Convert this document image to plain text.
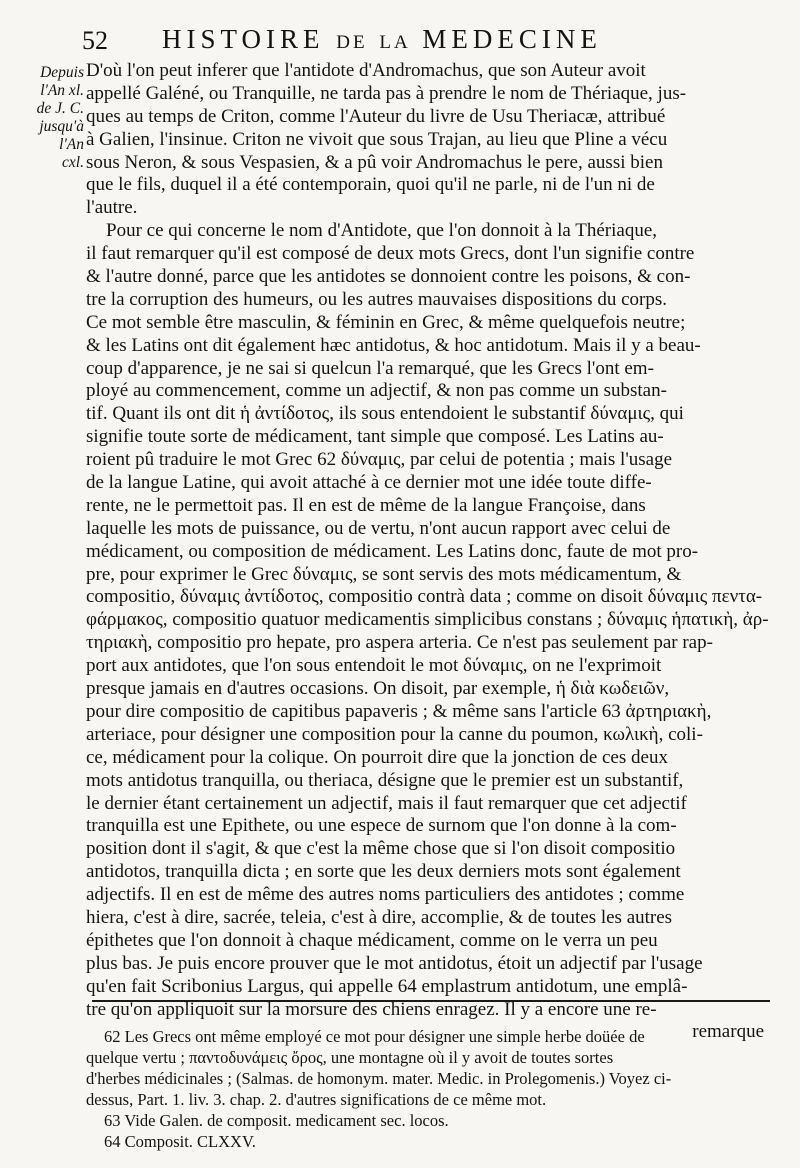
52 HISTOIRE DE LA MEDECINE
Depuis
l'An xl.
de J. C.
jusqu'à
l'An
cxl.
D'où l'on peut inferer que l'antidote d'Andromachus, que son Auteur avoit
appellé Galéné, ou Tranquille, ne tarda pas à prendre le nom de Thériaque, jus-
ques au temps de Criton, comme l'Auteur du livre de Usu Theriacæ, attribué
à Galien, l'insinue. Criton ne vivoit que sous Trajan, au lieu que Pline a vécu
sous Neron, & sous Vespasien, & a pû voir Andromachus le pere, aussi bien
que le fils, duquel il a été contemporain, quoi qu'il ne parle, ni de l'un ni de
l'autre.
Pour ce qui concerne le nom d'Antidote, que l'on donnoit à la Thériaque,
il faut remarquer qu'il est composé de deux mots Grecs, dont l'un signifie contre
& l'autre donné, parce que les antidotes se donnoient contre les poisons, & con-
tre la corruption des humeurs, ou les autres mauvaises dispositions du corps.
Ce mot semble être masculin, & féminin en Grec, & même quelquefois neutre;
& les Latins ont dit également hæc antidotus, & hoc antidotum. Mais il y a beau-
coup d'apparence, je ne sai si quelcun l'a remarqué, que les Grecs l'ont em-
ployé au commencement, comme un adjectif, & non pas comme un substan-
tif. Quant ils ont dit ἡ ἀντίδοτος, ils sous entendoient le substantif δύναμις, qui
signifie toute sorte de médicament, tant simple que composé. Les Latins au-
roient pû traduire le mot Grec 62 δύναμις, par celui de potentia ; mais l'usage
de la langue Latine, qui avoit attaché à ce dernier mot une idée toute diffe-
rente, ne le permettoit pas. Il en est de même de la langue Françoise, dans
laquelle les mots de puissance, ou de vertu, n'ont aucun rapport avec celui de
médicament, ou composition de médicament. Les Latins donc, faute de mot pro-
pre, pour exprimer le Grec δύναμις, se sont servis des mots médicamentum, &
compositio, δύναμις ἀντίδοτος, compositio contrà data ; comme on disoit δύναμις πεντα-
φάρμακος, compositio quatuor medicamentis simplicibus constans ; δύναμις ἡπατικὴ, ἀρ-
τηριακὴ, compositio pro hepate, pro aspera arteria. Ce n'est pas seulement par rap-
port aux antidotes, que l'on sous entendoit le mot δύναμις, on ne l'exprimoit
presque jamais en d'autres occasions. On disoit, par exemple, ἡ διὰ κωδειῶν,
pour dire compositio de capitibus papaveris ; & même sans l'article 63 ἀρτηριακὴ,
arteriace, pour désigner une composition pour la canne du poumon, κωλικὴ, coli-
ce, médicament pour la colique. On pourroit dire que la jonction de ces deux
mots antidotus tranquilla, ou theriaca, désigne que le premier est un substantif,
le dernier étant certainement un adjectif, mais il faut remarquer que cet adjectif
tranquilla est une Epithete, ou une espece de surnom que l'on donne à la com-
position dont il s'agit, & que c'est la même chose que si l'on disoit compositio
antidotos, tranquilla dicta ; en sorte que les deux derniers mots sont également
adjectifs. Il en est de même des autres noms particuliers des antidotes ; comme
hiera, c'est à dire, sacrée, teleia, c'est à dire, accomplie, & de toutes les autres
épithetes que l'on donnoit à chaque médicament, comme on le verra un peu
plus bas. Je puis encore prouver que le mot antidotus, étoit un adjectif par l'usage
qu'en fait Scribonius Largus, qui appelle 64 emplastrum antidotum, une emplâ-
tre qu'on appliquoit sur la morsure des chiens enragez. Il y a encore une re-
remarque
62 Les Grecs ont même employé ce mot pour désigner une simple herbe doüée de
quelque vertu ; παντοδυνάμεις ὄρος, une montagne où il y avoit de toutes sortes
d'herbes médicinales ; (Salmas. de homonym. mater. Medic. in Prolegomenis.) Voyez ci-
dessus, Part. 1. liv. 3. chap. 2. d'autres significations de ce même mot.
63 Vide Galen. de composit. medicament sec. locos.
64 Composit. CLXXV.
